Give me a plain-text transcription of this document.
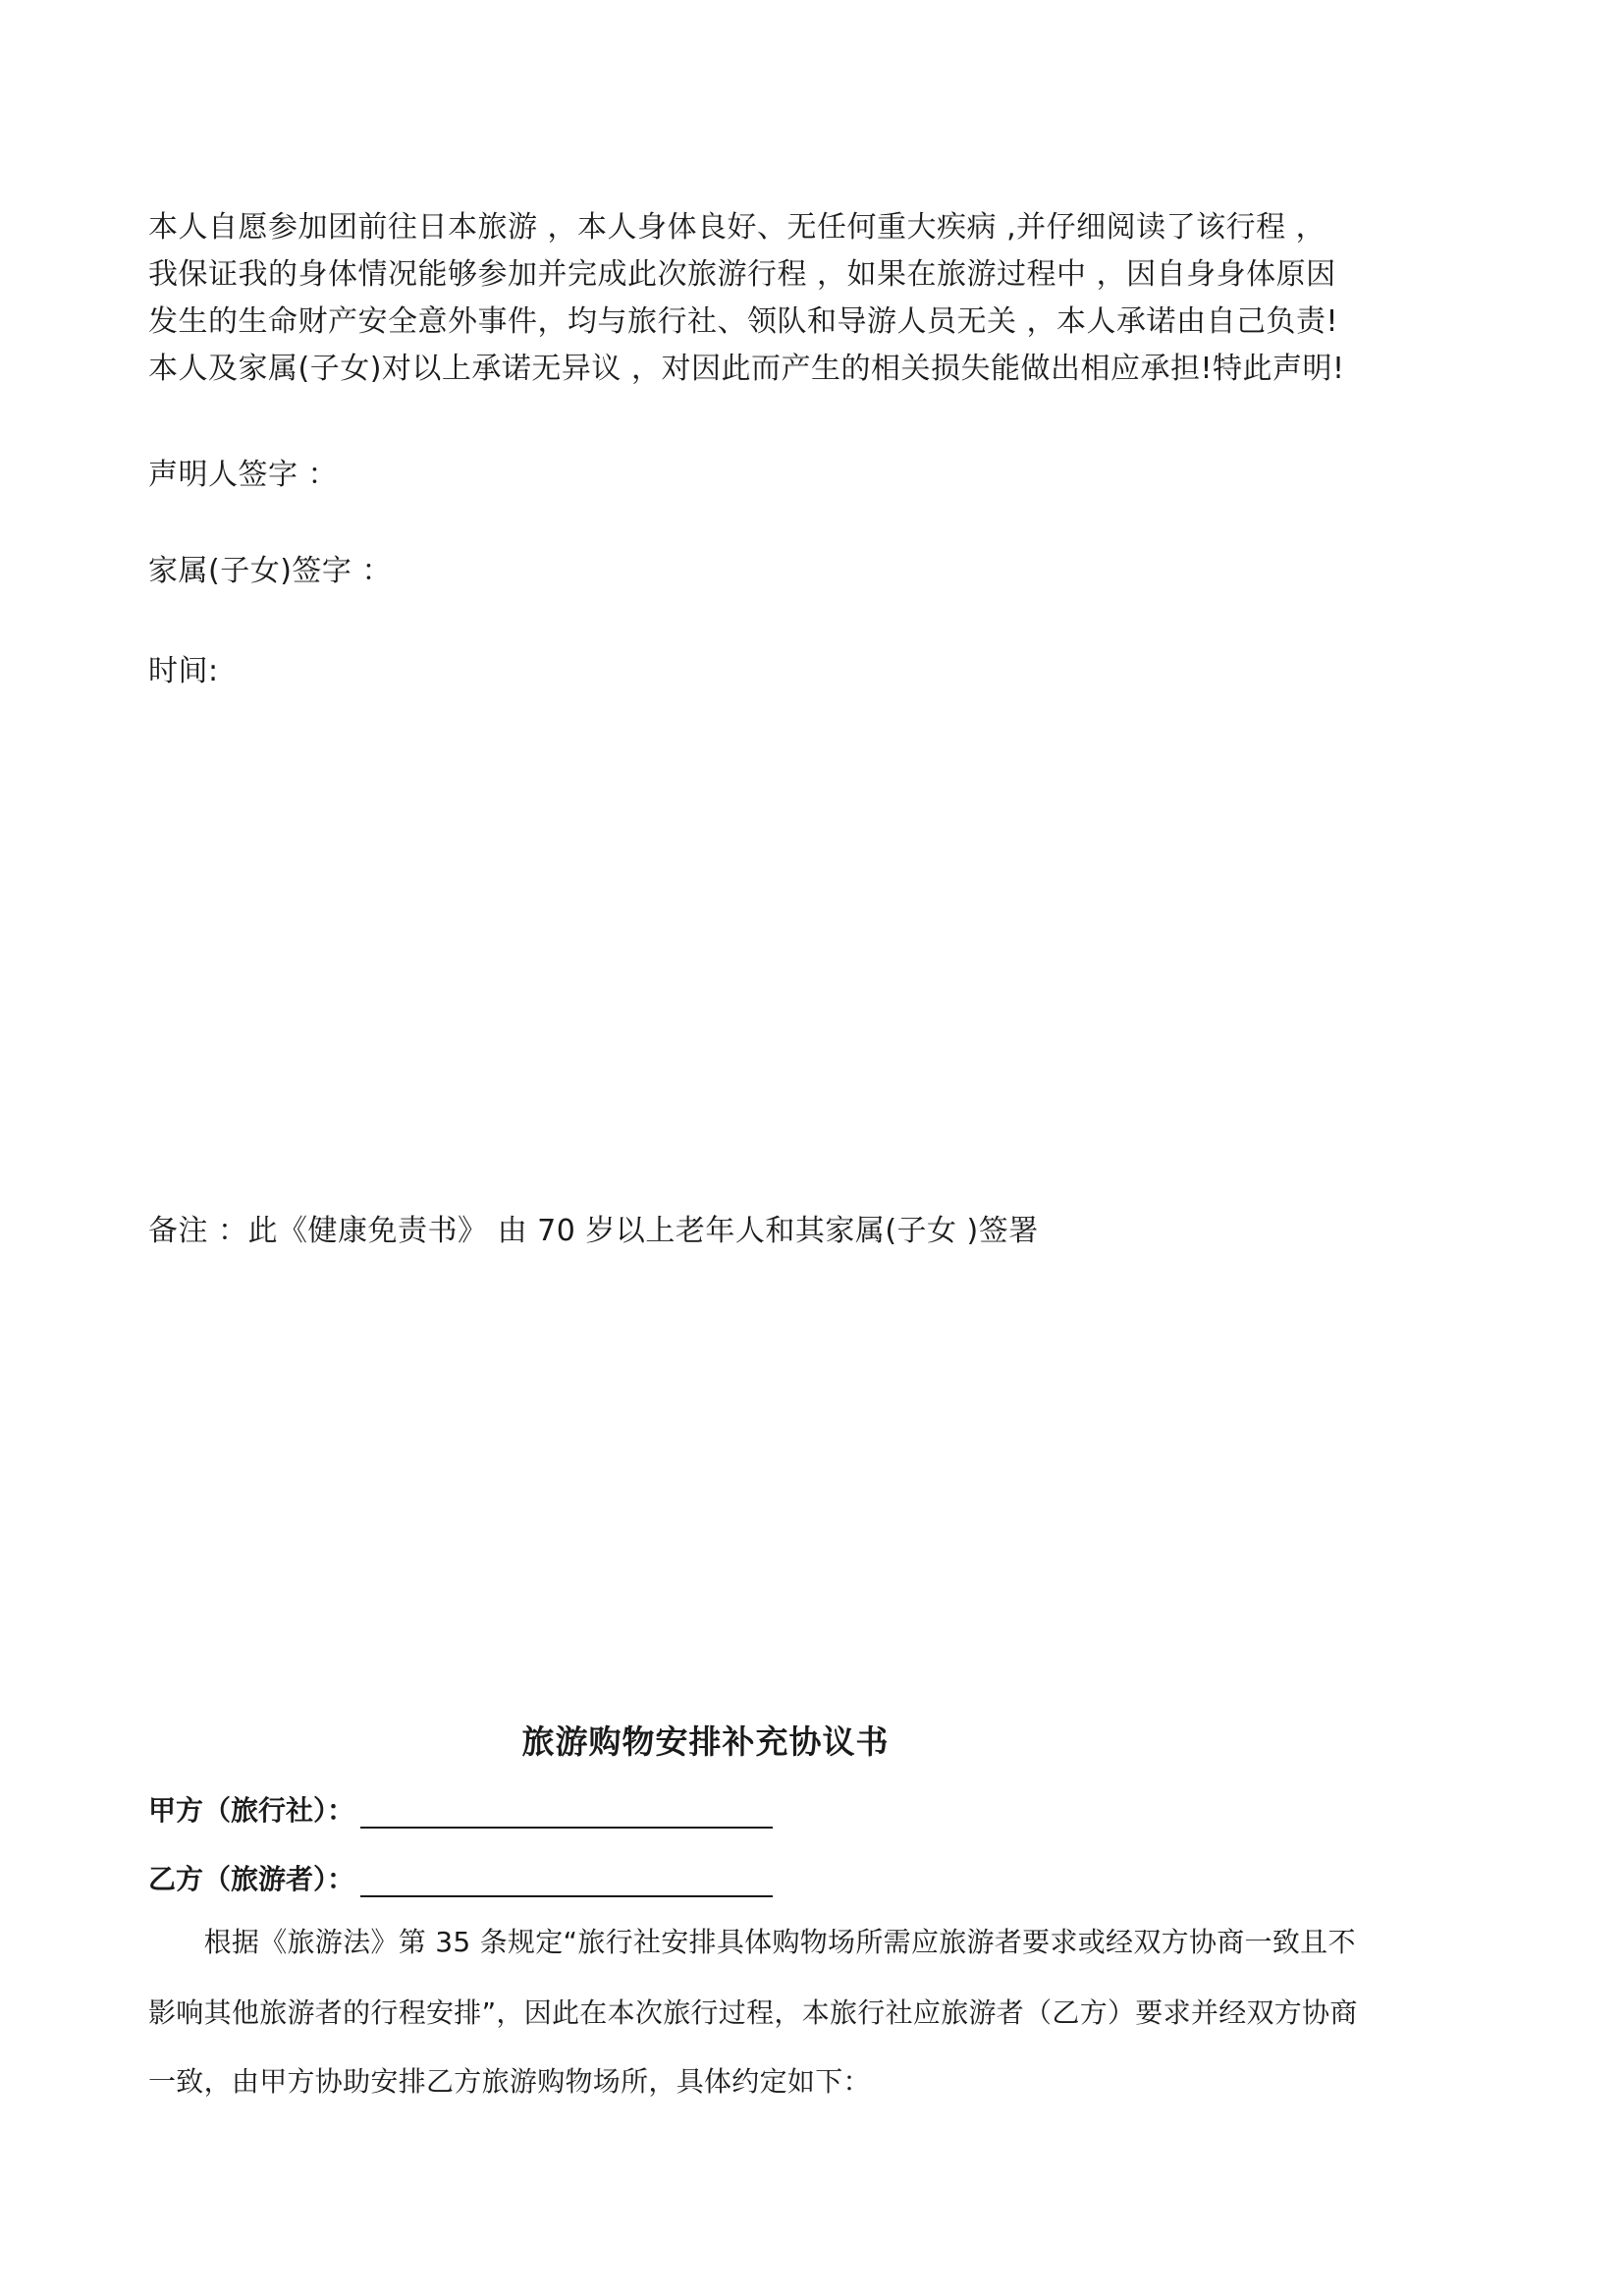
本人自愿参加团前往日本旅游 ，本人身体良好、无任何重大疾病 ,并仔细阅读了该行程 ，
我保证我的身体情况能够参加并完成此次旅游行程 ，如果在旅游过程中 ，因自身身体原因
发生的生命财产安全意外事件，均与旅行社、领队和导游人员无关 ，本人承诺由自己负责!
本人及家属(子女)对以上承诺无异议 ，对因此而产生的相关损失能做出相应承担!特此声明!
声明人签字 ：
家属(子女)签字 ：
时间:
备注 ：此《健康免责书》 由 70 岁以上老年人和其家属(子女 )签署
旅游购物安排补充协议书
甲方（旅行社）：
乙方（旅游者）：
　　根据《旅游法》第 35 条规定“旅行社安排具体购物场所需应旅游者要求或经双方协商一致且不
影响其他旅游者的行程安排”，因此在本次旅行过程，本旅行社应旅游者（乙方）要求并经双方协商
一致，由甲方协助安排乙方旅游购物场所，具体约定如下：
